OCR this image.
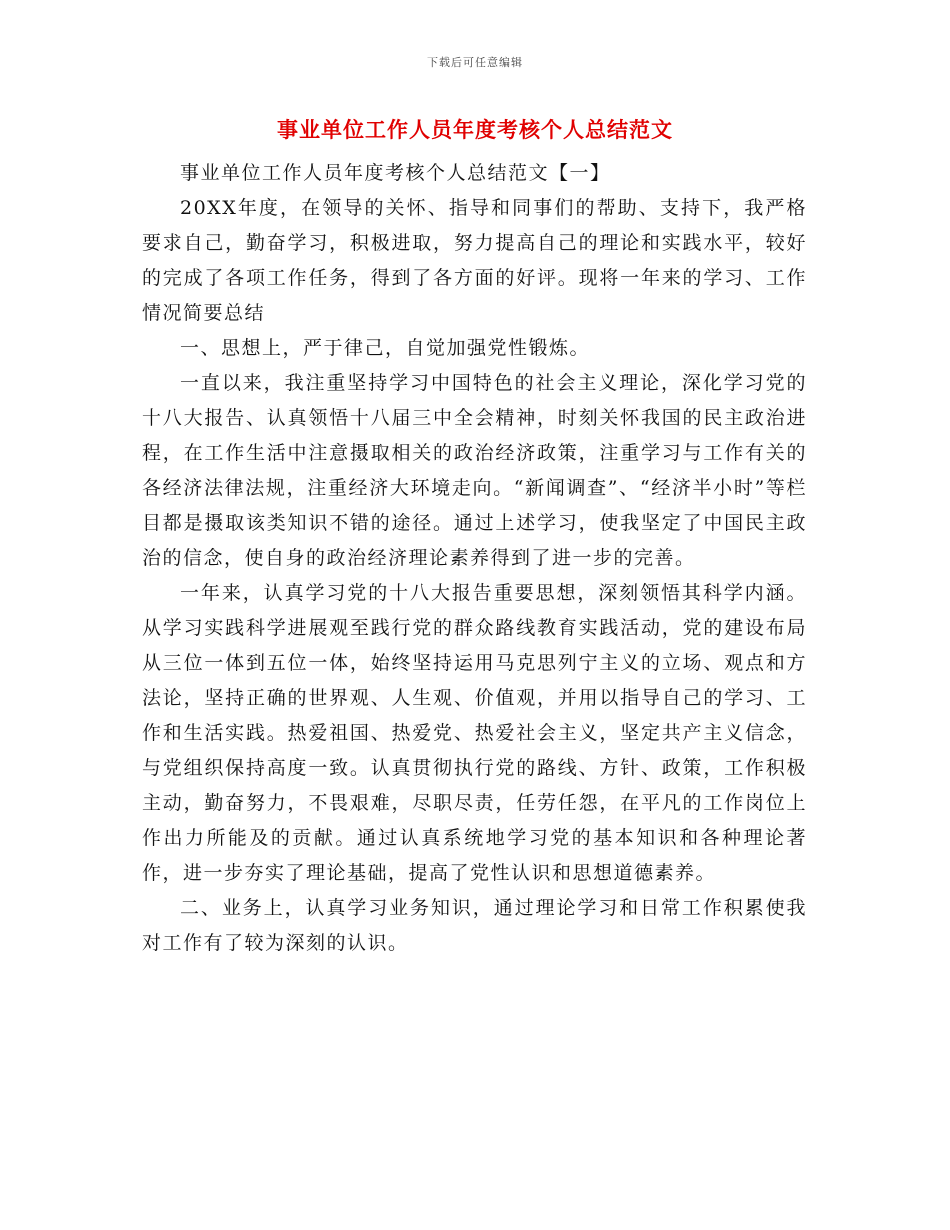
下载后可任意编辑
事业单位工作人员年度考核个人总结范文

事业单位工作人员年度考核个人总结范文【一】

20XX年度，在领导的关怀、指导和同事们的帮助、支持下，我严格要求自己，勤奋学习，积极进取，努力提高自己的理论和实践水平，较好的完成了各项工作任务，得到了各方面的好评。现将一年来的学习、工作情况简要总结

一、思想上，严于律己，自觉加强党性锻炼。

一直以来，我注重坚持学习中国特色的社会主义理论，深化学习党的十八大报告、认真领悟十八届三中全会精神，时刻关怀我国的民主政治进程，在工作生活中注意摄取相关的政治经济政策，注重学习与工作有关的各经济法律法规，注重经济大环境走向。“新闻调查”、“经济半小时”等栏目都是摄取该类知识不错的途径。通过上述学习，使我坚定了中国民主政治的信念，使自身的政治经济理论素养得到了进一步的完善。

一年来，认真学习党的十八大报告重要思想，深刻领悟其科学内涵。从学习实践科学进展观至践行党的群众路线教育实践活动，党的建设布局从三位一体到五位一体，始终坚持运用马克思列宁主义的立场、观点和方法论，坚持正确的世界观、人生观、价值观，并用以指导自己的学习、工作和生活实践。热爱祖国、热爱党、热爱社会主义，坚定共产主义信念，与党组织保持高度一致。认真贯彻执行党的路线、方针、政策，工作积极主动，勤奋努力，不畏艰难，尽职尽责，任劳任怨，在平凡的工作岗位上作出力所能及的贡献。通过认真系统地学习党的基本知识和各种理论著作，进一步夯实了理论基础，提高了党性认识和思想道德素养。

二、业务上，认真学习业务知识，通过理论学习和日常工作积累使我对工作有了较为深刻的认识。
